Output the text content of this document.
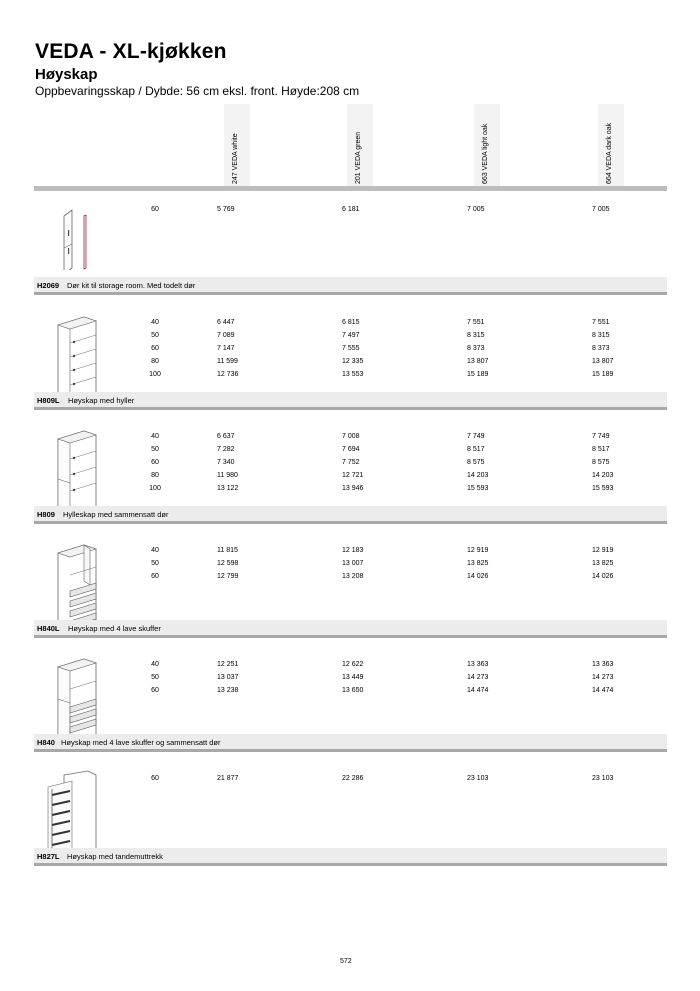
VEDA - XL-kjøkken
Høyskap
Oppbevaringsskap / Dybde: 56 cm eksl. front. Høyde:208 cm
247 VEDA white	201 VEDA green	663 VEDA light oak	664 VEDA dark oak
60	5 769	6 181	7 005	7 005
H2069 Dør kit til storage room. Med todelt dør
40	6 447	6 815	7 551	7 551
50	7 089	7 497	8 315	8 315
60	7 147	7 555	8 373	8 373
80	11 599	12 335	13 807	13 807
100	12 736	13 553	15 189	15 189
H809L Høyskap med hyller
40	6 637	7 008	7 749	7 749
50	7 282	7 694	8 517	8 517
60	7 340	7 752	8 575	8 575
80	11 980	12 721	14 203	14 203
100	13 122	13 946	15 593	15 593
H809 Hylleskap med sammensatt dør
40	11 815	12 183	12 919	12 919
50	12 598	13 007	13 825	13 825
60	12 799	13 208	14 026	14 026
H840L Høyskap med 4 lave skuffer
40	12 251	12 622	13 363	13 363
50	13 037	13 449	14 273	14 273
60	13 238	13 650	14 474	14 474
H840 Høyskap med 4 lave skuffer og sammensatt dør
60	21 877	22 286	23 103	23 103
H827L Høyskap med tandemuttrekk
572
